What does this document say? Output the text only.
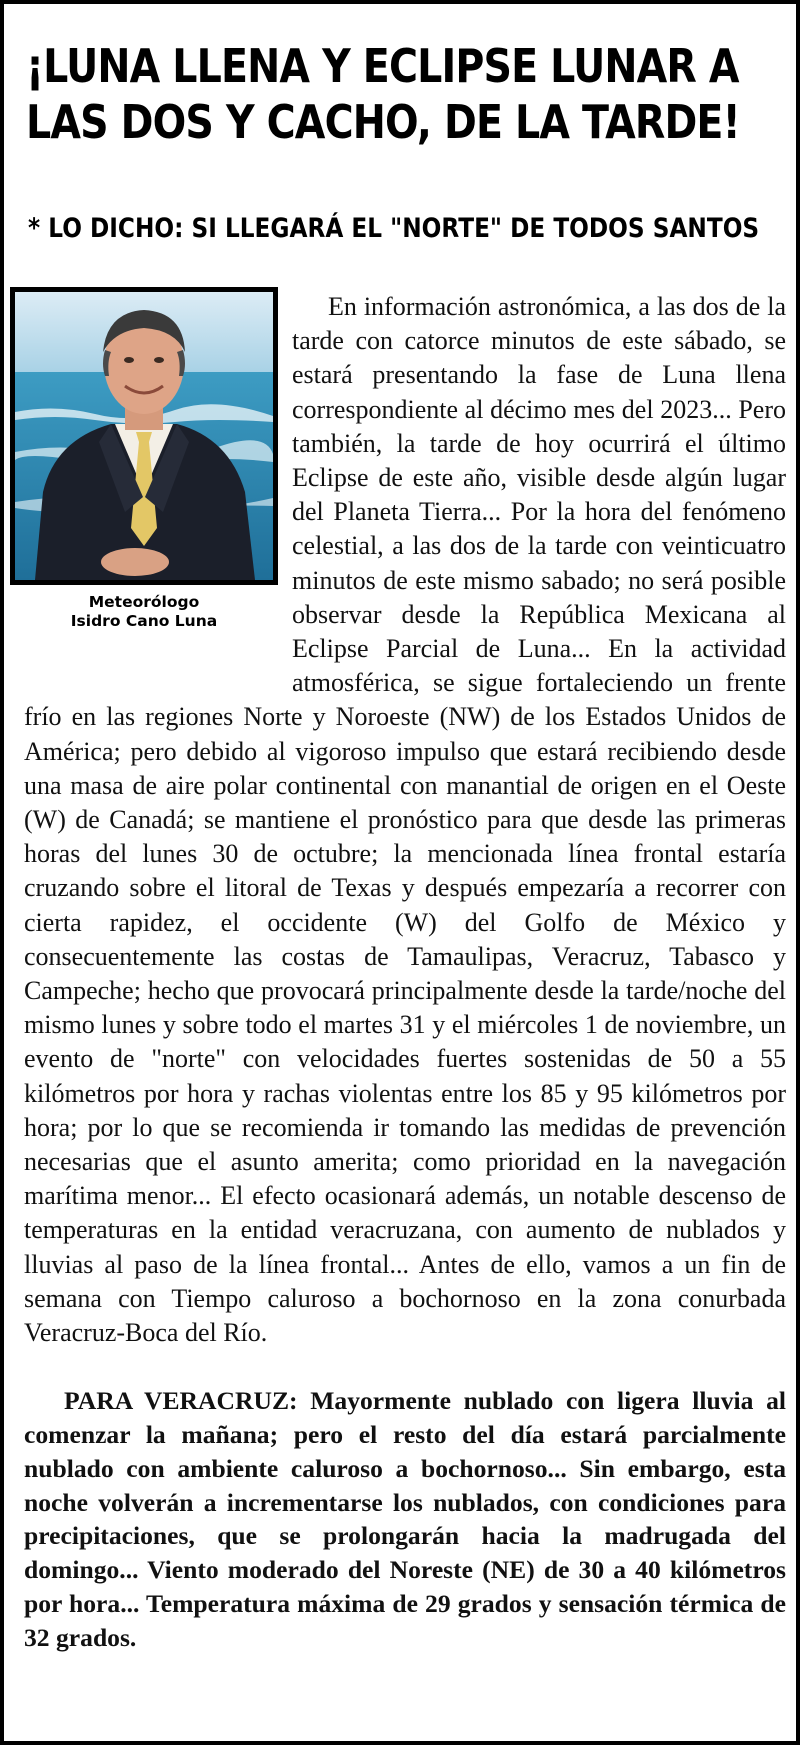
¡LUNA LLENA Y ECLIPSE LUNAR A LAS DOS Y CACHO, DE LA TARDE!
* LO DICHO: SI LLEGARÁ EL "NORTE" DE TODOS SANTOS
Meteorólogo
Isidro Cano Luna

En información astronómica, a las dos de la tarde con catorce minutos de este sábado, se estará presentando la fase de Luna llena correspondiente al décimo mes del 2023... Pero también, la tarde de hoy ocurrirá el último Eclipse de este año, visible desde algún lugar del Planeta Tierra... Por la hora del fenómeno celestial, a las dos de la tarde con veinticuatro minutos de este mismo sabado; no será posible observar desde la República Mexicana al Eclipse Parcial de Luna... En la actividad atmosférica, se sigue fortaleciendo un frente frío en las regiones Norte y Noroeste (NW) de los Estados Unidos de América; pero debido al vigoroso impulso que estará recibiendo desde una masa de aire polar continental con manantial de origen en el Oeste (W) de Canadá; se mantiene el pronóstico para que desde las primeras horas del lunes 30 de octubre; la mencionada línea frontal estaría cruzando sobre el litoral de Texas y después empezaría a recorrer con cierta rapidez, el occidente (W) del Golfo de México y consecuentemente las costas de Tamaulipas, Veracruz, Tabasco y Campeche; hecho que provocará principalmente desde la tarde/noche del mismo lunes y sobre todo el martes 31 y el miércoles 1 de noviembre, un evento de "norte" con velocidades fuertes sostenidas de 50 a 55 kilómetros por hora y rachas violentas entre los 85 y 95 kilómetros por hora; por lo que se recomienda ir tomando las medidas de prevención necesarias que el asunto amerita; como prioridad en la navegación marítima menor... El efecto ocasionará además, un notable descenso de temperaturas en la entidad veracruzana, con aumento de nublados y lluvias al paso de la línea frontal... Antes de ello, vamos a un fin de semana con Tiempo caluroso a bochornoso en la zona conurbada Veracruz-Boca del Río.

PARA VERACRUZ: Mayormente nublado con ligera lluvia al comenzar la mañana; pero el resto del día estará parcialmente nublado con ambiente caluroso a bochornoso... Sin embargo, esta noche volverán a incrementarse los nublados, con condiciones para precipitaciones, que se prolongarán hacia la madrugada del domingo... Viento moderado del Noreste (NE) de 30 a 40 kilómetros por hora... Temperatura máxima de 29 grados y sensación térmica de 32 grados.
